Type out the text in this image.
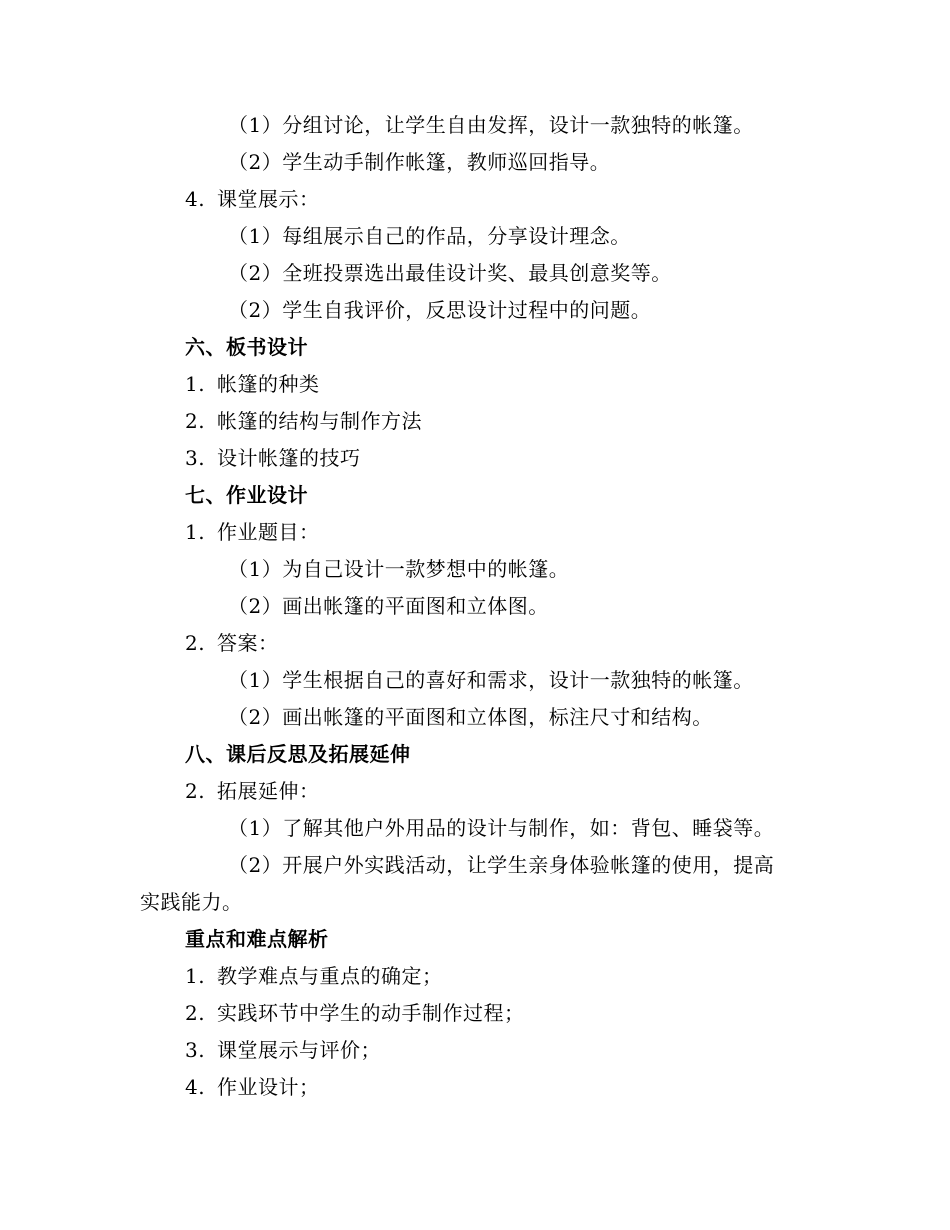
（1）分组讨论，让学生自由发挥，设计一款独特的帐篷。
（2）学生动手制作帐篷，教师巡回指导。
4. 课堂展示：
（1）每组展示自己的作品，分享设计理念。
（2）全班投票选出最佳设计奖、最具创意奖等。
（2）学生自我评价，反思设计过程中的问题。
六、板书设计
1. 帐篷的种类
2. 帐篷的结构与制作方法
3. 设计帐篷的技巧
七、作业设计
1. 作业题目：
（1）为自己设计一款梦想中的帐篷。
（2）画出帐篷的平面图和立体图。
2. 答案：
（1）学生根据自己的喜好和需求，设计一款独特的帐篷。
（2）画出帐篷的平面图和立体图，标注尺寸和结构。
八、课后反思及拓展延伸
2. 拓展延伸：
（1）了解其他户外用品的设计与制作，如：背包、睡袋等。
（2）开展户外实践活动，让学生亲身体验帐篷的使用，提高
实践能力。
重点和难点解析
1. 教学难点与重点的确定；
2. 实践环节中学生的动手制作过程；
3. 课堂展示与评价；
4. 作业设计；
